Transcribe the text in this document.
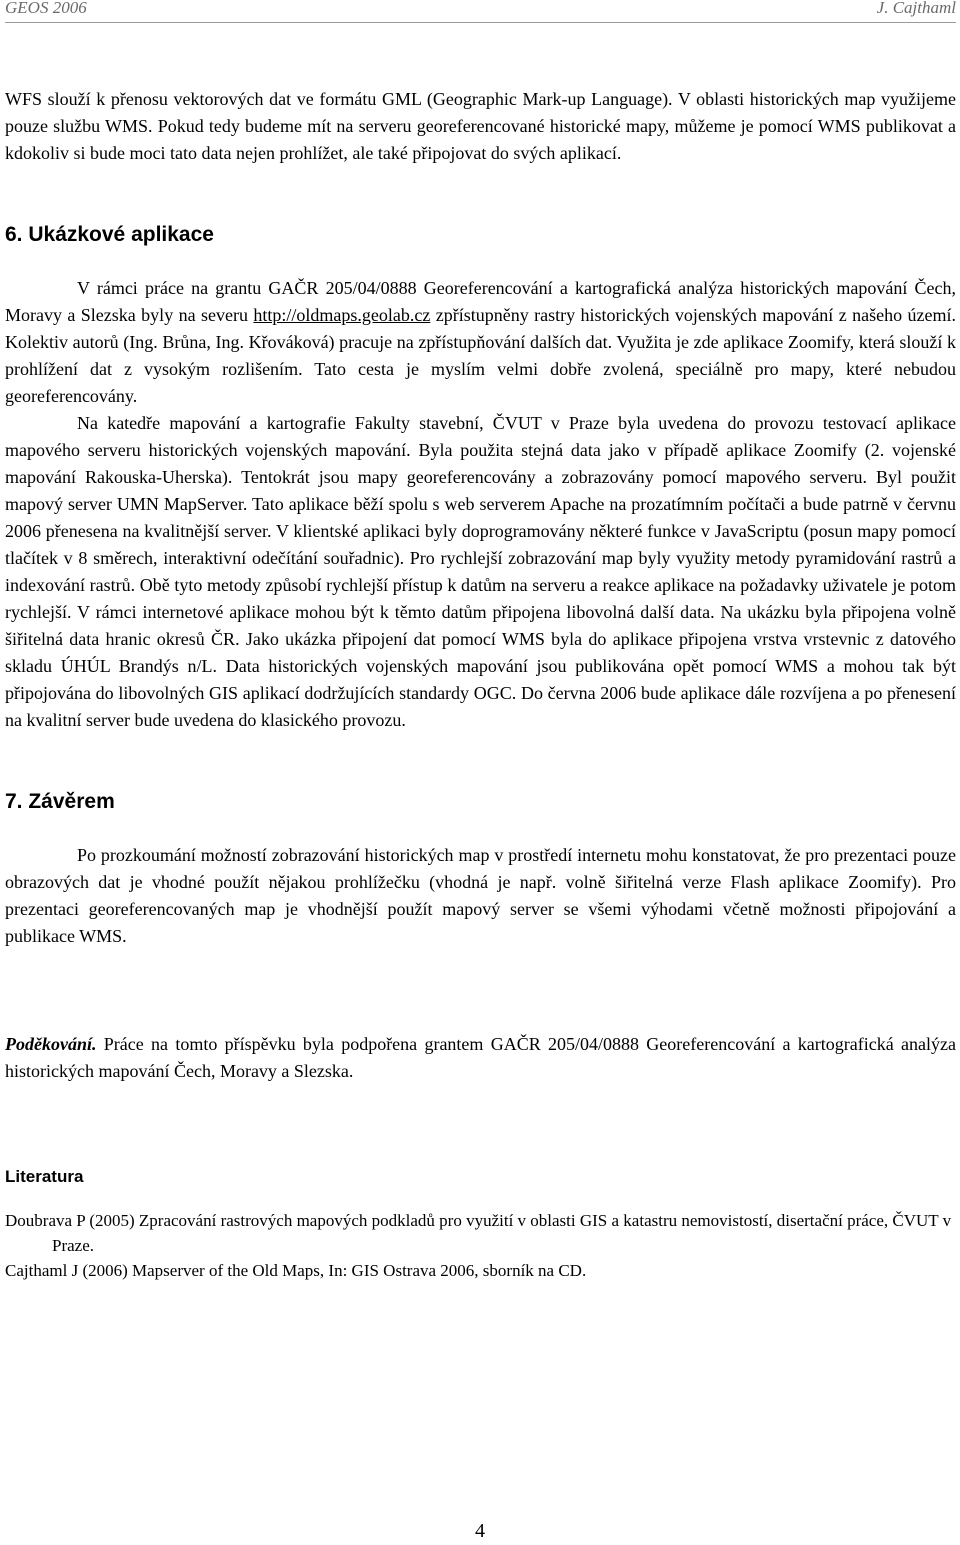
GEOS 2006	J. Cajthaml

WFS slouží k přenosu vektorových dat ve formátu GML (Geographic Mark-up Language). V oblasti historických map využijeme pouze službu WMS. Pokud tedy budeme mít na serveru georeferencované historické mapy, můžeme je pomocí WMS publikovat a kdokoliv si bude moci tato data nejen prohlížet, ale také připojovat do svých aplikací.

6. Ukázkové aplikace

V rámci práce na grantu GAČR 205/04/0888 Georeferencování a kartografická analýza historických mapování Čech, Moravy a Slezska byly na severu http://oldmaps.geolab.cz zpřístupněny rastry historických vojenských mapování z našeho území. Kolektiv autorů (Ing. Brůna, Ing. Křováková) pracuje na zpřístupňování dalších dat. Využita je zde aplikace Zoomify, která slouží k prohlížení dat z vysokým rozlišením. Tato cesta je myslím velmi dobře zvolená, speciálně pro mapy, které nebudou georeferencovány.

Na katedře mapování a kartografie Fakulty stavební, ČVUT v Praze byla uvedena do provozu testovací aplikace mapového serveru historických vojenských mapování. Byla použita stejná data jako v případě aplikace Zoomify (2. vojenské mapování Rakouska-Uherska). Tentokrát jsou mapy georeferencovány a zobrazovány pomocí mapového serveru. Byl použit mapový server UMN MapServer. Tato aplikace běží spolu s web serverem Apache na prozatímním počítači a bude patrně v červnu 2006 přenesena na kvalitnější server. V klientské aplikaci byly doprogramovány některé funkce v JavaScriptu (posun mapy pomocí tlačítek v 8 směrech, interaktivní odečítání souřadnic). Pro rychlejší zobrazování map byly využity metody pyramidování rastrů a indexování rastrů. Obě tyto metody způsobí rychlejší přístup k datům na serveru a reakce aplikace na požadavky uživatele je potom rychlejší. V rámci internetové aplikace mohou být k těmto datům připojena libovolná další data. Na ukázku byla připojena volně šiřitelná data hranic okresů ČR. Jako ukázka připojení dat pomocí WMS byla do aplikace připojena vrstva vrstevnic z datového skladu ÚHÚL Brandýs n/L. Data historických vojenských mapování jsou publikována opět pomocí WMS a mohou tak být připojována do libovolných GIS aplikací dodržujících standardy OGC. Do června 2006 bude aplikace dále rozvíjena a po přenesení na kvalitní server bude uvedena do klasického provozu.

7. Závěrem

Po prozkoumání možností zobrazování historických map v prostředí internetu mohu konstatovat, že pro prezentaci pouze obrazových dat je vhodné použít nějakou prohlížečku (vhodná je např. volně šiřitelná verze Flash aplikace Zoomify). Pro prezentaci georeferencovaných map je vhodnější použít mapový server se všemi výhodami včetně možnosti připojování a publikace WMS.

Poděkování. Práce na tomto příspěvku byla podpořena grantem GAČR 205/04/0888 Georeferencování a kartografická analýza historických mapování Čech, Moravy a Slezska.

Literatura
Doubrava P (2005) Zpracování rastrových mapových podkladů pro využití v oblasti GIS a katastru nemovistostí, disertační práce, ČVUT v Praze.
Cajthaml J (2006) Mapserver of the Old Maps, In: GIS Ostrava 2006, sborník na CD.
4
